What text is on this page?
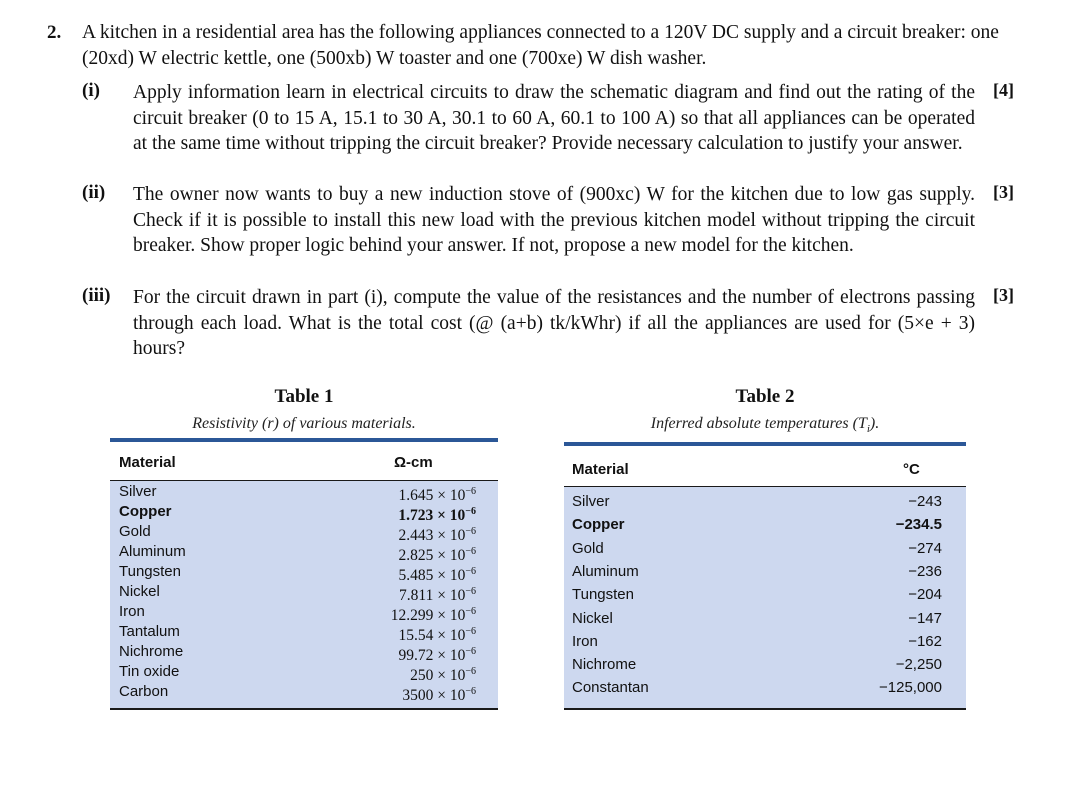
2. A kitchen in a residential area has the following appliances connected to a 120V DC supply and a circuit breaker: one (20xd) W electric kettle, one (500xb) W toaster and one (700xe) W dish washer.
(i) Apply information learn in electrical circuits to draw the schematic diagram and find out the rating of the circuit breaker (0 to 15 A, 15.1 to 30 A, 30.1 to 60 A, 60.1 to 100 A) so that all appliances can be operated at the same time without tripping the circuit breaker? Provide necessary calculation to justify your answer.
[4]
(ii) The owner now wants to buy a new induction stove of (900xc) W for the kitchen due to low gas supply. Check if it is possible to install this new load with the previous kitchen model without tripping the circuit breaker. Show proper logic behind your answer. If not, propose a new model for the kitchen.
[3]
(iii) For the circuit drawn in part (i), compute the value of the resistances and the number of electrons passing through each load. What is the total cost (@ (a+b) tk/kWhr) if all the appliances are used for (5×e + 3) hours?
[3]
Table 1
Resistivity (r) of various materials.
Material	Ω-cm
Silver
Copper
Gold
Aluminum
Tungsten
Nickel
Iron
Tantalum
Nichrome
Tin oxide
Carbon
$1.645 \times 10^{-6}$
$1.723 \times 10^{-6}$
$2.443 \times 10^{-6}$
$2.825 \times 10^{-6}$
$5.485 \times 10^{-6}$
$7.811 \times 10^{-6}$
$12.299 \times 10^{-6}$
$15.54 \times 10^{-6}$
$99.72 \times 10^{-6}$
$250 \times 10^{-6}$
$3500 \times 10^{-6}$
Table 2
Inferred absolute temperatures $(T_i)$.
Material	°C
Silver
Copper
Gold
Aluminum
Tungsten
Nickel
Iron
Nichrome
Constantan
−243
−234.5
−274
−236
−204
−147
−162
−2,250
−125,000
